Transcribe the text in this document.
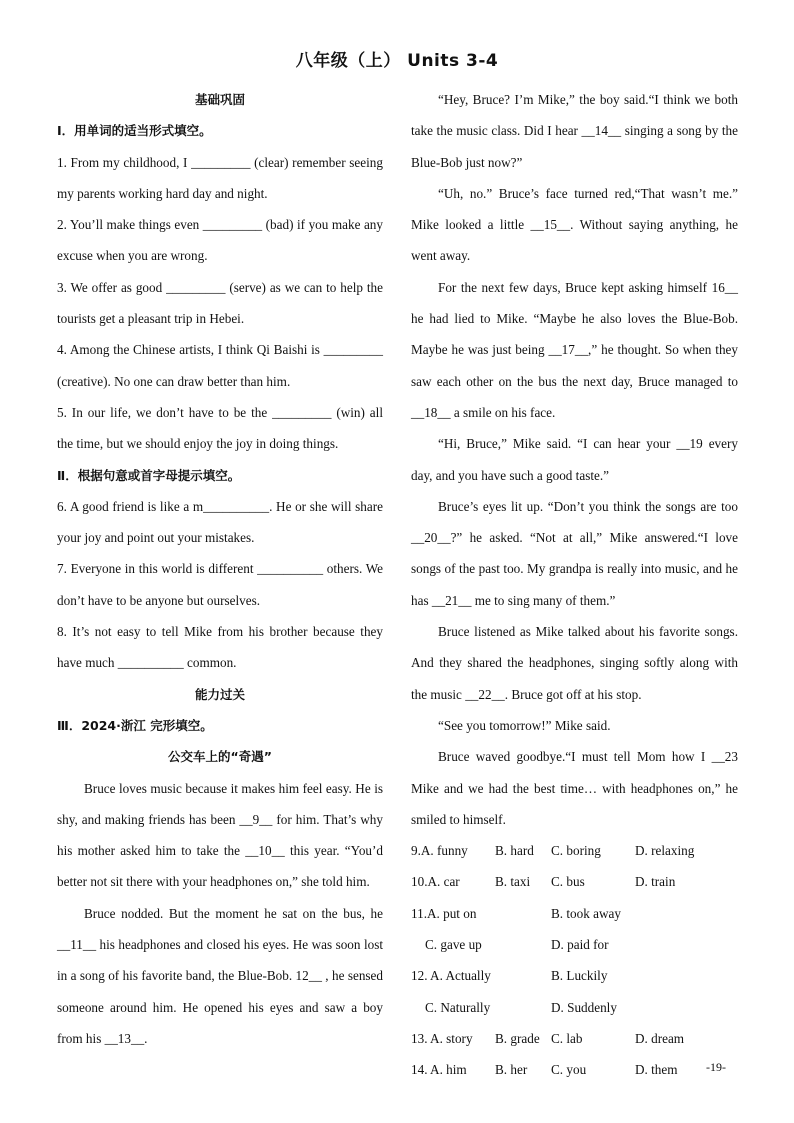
八年级（上） Units 3-4

基础巩固

Ⅰ．用单词的适当形式填空。

1. From my childhood, I _________ (clear) remember seeing my parents working hard day and night.

2. You’ll make things even _________ (bad) if you make any excuse when you are wrong.

3. We offer as good _________ (serve) as we can to help the tourists get a pleasant trip in Hebei.

4. Among the Chinese artists, I think Qi Baishi is _________ (creative). No one can draw better than him.

5. In our life, we don’t have to be the _________ (win) all the time, but we should enjoy the joy in doing things.

Ⅱ．根据句意或首字母提示填空。

6. A good friend is like a m__________. He or she will share your joy and point out your mistakes.

7. Everyone in this world is different __________ others. We don’t have to be anyone but ourselves.

8. It’s not easy to tell Mike from his brother because they have much __________ common.

能力过关

Ⅲ．2024·浙江 完形填空。

公交车上的“奇遇”

Bruce loves music because it makes him feel easy. He is shy, and making friends has been __9__ for him. That’s why his mother asked him to take the __10__ this year. “You’d better not sit there with your headphones on,” she told him.

Bruce nodded. But the moment he sat on the bus, he __11__ his headphones and closed his eyes. He was soon lost in a song of his favorite band, the Blue-Bob. 12__ , he sensed someone around him. He opened his eyes and saw a boy from his __13__.

“Hey, Bruce? I’m Mike,” the boy said.“I think we both take the music class. Did I hear __14__ singing a song by the Blue-Bob just now?”

“Uh, no.” Bruce’s face turned red,“That wasn’t me.” Mike looked a little __15__. Without saying anything, he went away.

For the next few days, Bruce kept asking himself 16__ he had lied to Mike. “Maybe he also loves the Blue-Bob. Maybe he was just being __17__,” he thought. So when they saw each other on the bus the next day, Bruce managed to __18__ a smile on his face.

“Hi, Bruce,” Mike said. “I can hear your __19 every day, and you have such a good taste.”

Bruce’s eyes lit up. “Don’t you think the songs are too __20__?” he asked. “Not at all,” Mike answered.“I love songs of the past too. My grandpa is really into music, and he has __21__ me to sing many of them.”

Bruce listened as Mike talked about his favorite songs. And they shared the headphones, singing softly along with the music __22__. Bruce got off at his stop.

“See you tomorrow!” Mike said.

Bruce waved goodbye.“I must tell Mom how I __23 Mike and we had the best time… with headphones on,” he smiled to himself.

9.A. funny	B. hard	C. boring	D. relaxing
10.A. car	B. taxi	C. bus	D. train
11.A. put on	B. took away
C. gave up	D. paid for
12. A. Actually	B. Luckily
C. Naturally	D. Suddenly
13. A. story	B. grade C. lab	D. dream
14. A. him	B. her	C. you	D. them -19-
